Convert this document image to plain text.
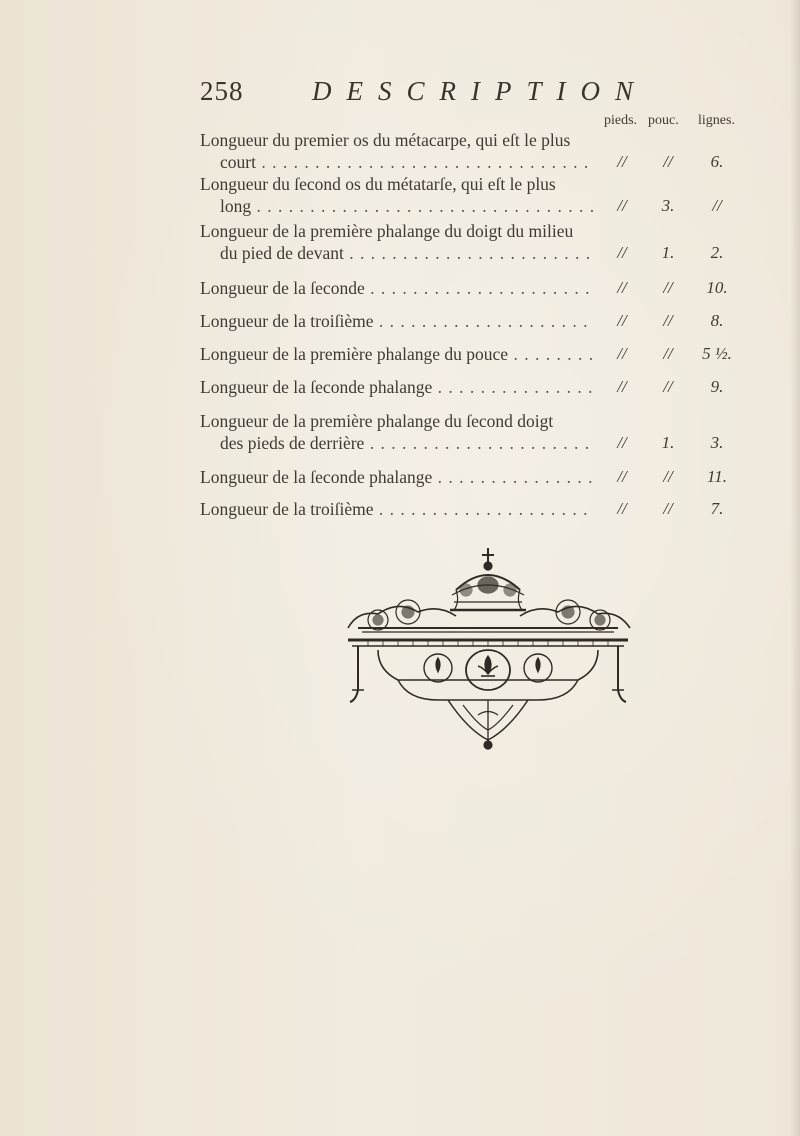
258	DESCRIPTION
pieds. pouc. lignes.
Longueur du premier os du métacarpe, qui eſt le plus
court . . .	//	//	6.
Longueur du ſecond os du métatarſe, qui eſt le plus
long . . .	//	3.	//
Longueur de la première phalange du doigt du milieu
du pied de devant . . .	//	1.	2.
Longueur de la ſeconde . . .	//	//	10.
Longueur de la troiſième . . .	//	//	8.
Longueur de la première phalange du pouce . . .	//	//	5 ½.
Longueur de la ſeconde phalange . . .	//	//	9.
Longueur de la première phalange du ſecond doigt
des pieds de derrière . . .	//	1.	3.
Longueur de la ſeconde phalange . . .	//	//	11.
Longueur de la troiſième . . .	//	//	7.
